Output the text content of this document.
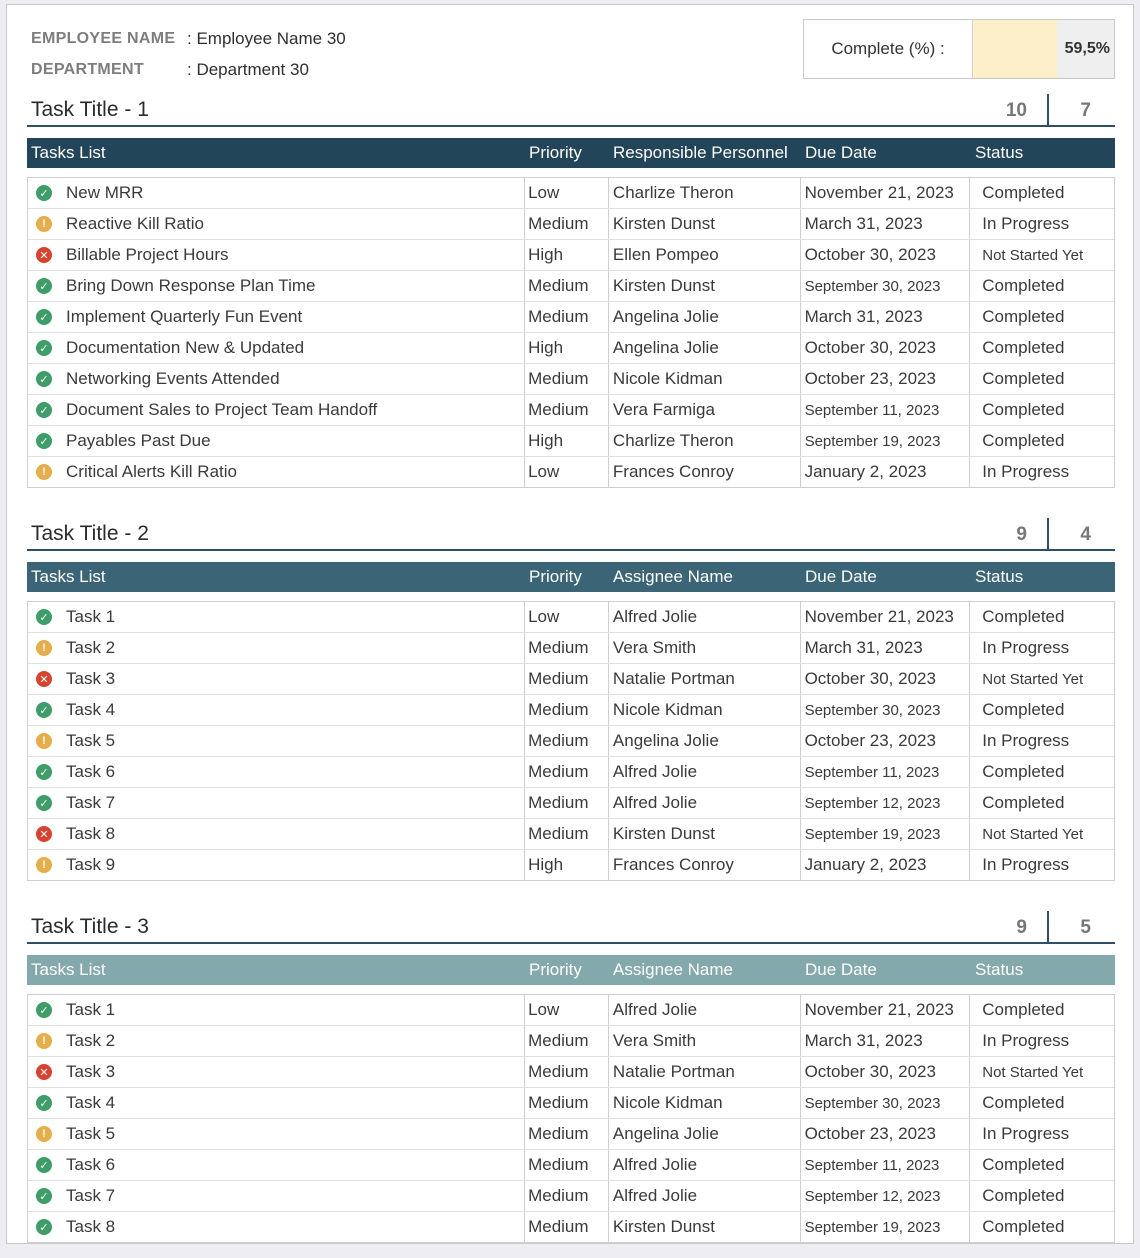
EMPLOYEE NAME : Employee Name 30
DEPARTMENT	: Department 30
Complete (%) :	59,5%
Task Title - 1	10	7
Tasks List	Priority	Responsible Personnel	Due Date	Status
✓ New MRR	Low	Charlize Theron	November 21, 2023	Completed
!	Reactive Kill Ratio	Medium	Kirsten Dunst	March 31, 2023	In Progress
✕ Billable Project Hours	High	Ellen Pompeo	October 30, 2023	Not Started Yet
✓ Bring Down Response Plan Time	Medium	Kirsten Dunst	September 30, 2023	Completed
✓ Implement Quarterly Fun Event	Medium	Angelina Jolie	March 31, 2023	Completed
✓ Documentation New & Updated	High	Angelina Jolie	October 30, 2023	Completed
✓ Networking Events Attended	Medium	Nicole Kidman	October 23, 2023	Completed
✓ Document Sales to Project Team Handoff	Medium	Vera Farmiga	September 11, 2023	Completed
✓ Payables Past Due	High	Charlize Theron	September 19, 2023	Completed
!	Critical Alerts Kill Ratio	Low	Frances Conroy	January 2, 2023	In Progress
Task Title - 2	9	4
Tasks List	Priority	Assignee Name	Due Date	Status
✓ Task 1	Low	Alfred Jolie	November 21, 2023	Completed
!	Task 2	Medium	Vera Smith	March 31, 2023	In Progress
✕ Task 3	Medium	Natalie Portman	October 30, 2023	Not Started Yet
✓ Task 4	Medium	Nicole Kidman	September 30, 2023	Completed
!	Task 5	Medium	Angelina Jolie	October 23, 2023	In Progress
✓ Task 6	Medium	Alfred Jolie	September 11, 2023	Completed
✓ Task 7	Medium	Alfred Jolie	September 12, 2023	Completed
✕ Task 8	Medium	Kirsten Dunst	September 19, 2023	Not Started Yet
!	Task 9	High	Frances Conroy	January 2, 2023	In Progress
Task Title - 3	9	5
Tasks List	Priority	Assignee Name	Due Date	Status
✓ Task 1	Low	Alfred Jolie	November 21, 2023	Completed
!	Task 2	Medium	Vera Smith	March 31, 2023	In Progress
✕ Task 3	Medium	Natalie Portman	October 30, 2023	Not Started Yet
✓ Task 4	Medium	Nicole Kidman	September 30, 2023	Completed
!	Task 5	Medium	Angelina Jolie	October 23, 2023	In Progress
✓ Task 6	Medium	Alfred Jolie	September 11, 2023	Completed
✓ Task 7	Medium	Alfred Jolie	September 12, 2023	Completed
✓ Task 8	Medium	Kirsten Dunst	September 19, 2023	Completed
